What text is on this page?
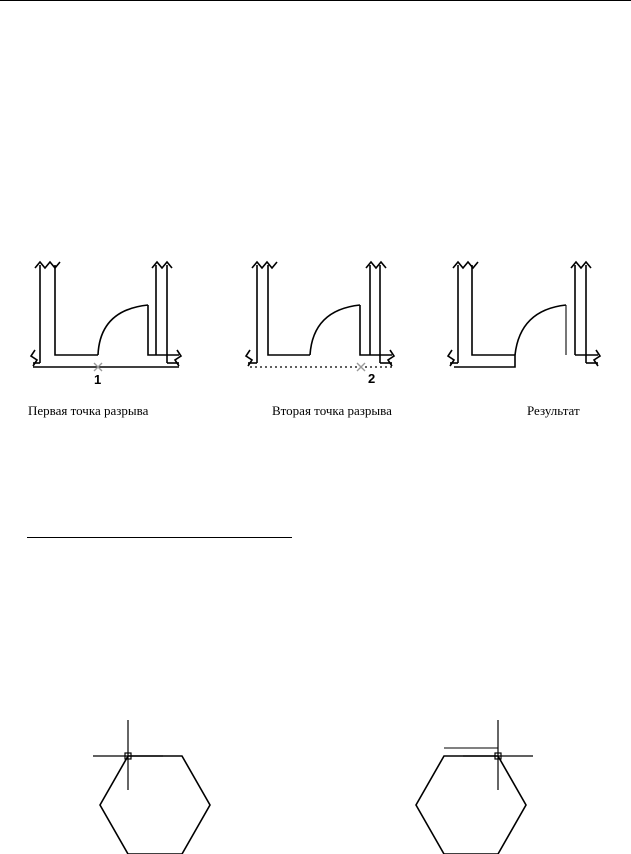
1	2
Первая точка разрыва	Вторая точка разрыва	Результат
